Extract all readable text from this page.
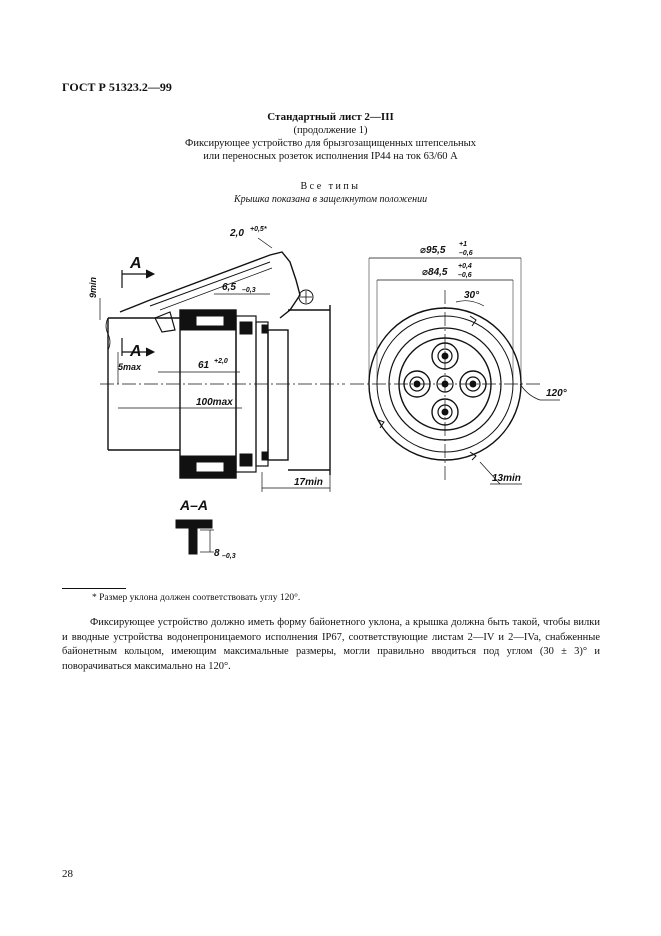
ГОСТ Р 51323.2—99
Стандартный лист 2—III
(продолжение 1)
Фиксирующее устройство для брызгозащищенных штепсельных
или переносных розеток исполнения IP44 на ток 63/60 А
Все типы
Крышка показана в защелкнутом положении
2,0 +0,5*
6,5 –0,3
9min
5max	61 +2,0
100max
17min
А
А
⌀95,5
+1
–0,6
⌀84,5
+0,4
–0,6
30°
120°
13min
А–А
8 –0,3
* Размер уклона должен соответствовать углу 120°.
Фиксирующее устройство должно иметь форму байонетного уклона, а крышка должна быть такой, чтобы вилки и вводные устройства водонепроницаемого исполнения IP67, соответствующие листам 2—IV и 2—IVa, снабженные байонетным кольцом, имеющим максимальные размеры, могли правильно вводиться под углом (30 ± 3)° и поворачиваться максимально на 120°.
28
